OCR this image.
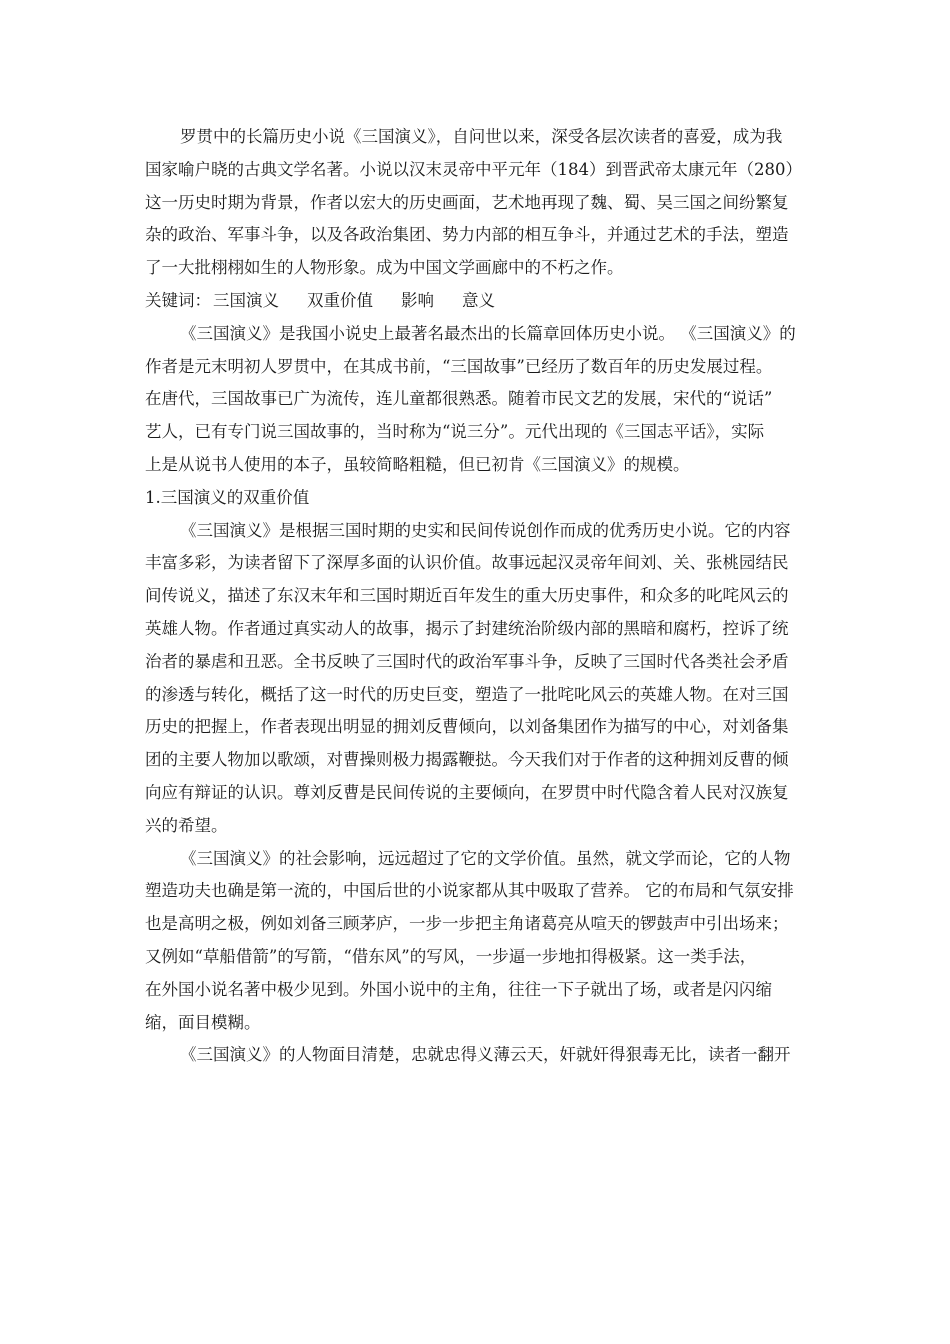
罗贯中的长篇历史小说《三国演义》，自问世以来，深受各层次读者的喜爱，成为我
国家喻户晓的古典文学名著。小说以汉末灵帝中平元年（184）到晋武帝太康元年（280）
这一历史时期为背景，作者以宏大的历史画面，艺术地再现了魏、蜀、吴三国之间纷繁复
杂的政治、军事斗争，以及各政治集团、势力内部的相互争斗，并通过艺术的手法，塑造
了一大批栩栩如生的人物形象。成为中国文学画廊中的不朽之作。
关键词： 三国演义 双重价值 影响 意义
《三国演义》是我国小说史上最著名最杰出的长篇章回体历史小说。 《三国演义》的
作者是元末明初人罗贯中，在其成书前，“三国故事”已经历了数百年的历史发展过程。
在唐代，三国故事已广为流传，连儿童都很熟悉。随着市民文艺的发展，宋代的“说话”
艺人，已有专门说三国故事的，当时称为“说三分”。元代出现的《三国志平话》，实际
上是从说书人使用的本子，虽较简略粗糙，但已初肯《三国演义》的规模。
1.三国演义的双重价值
《三国演义》是根据三国时期的史实和民间传说创作而成的优秀历史小说。它的内容
丰富多彩，为读者留下了深厚多面的认识价值。故事远起汉灵帝年间刘、关、张桃园结民
间传说义，描述了东汉末年和三国时期近百年发生的重大历史事件，和众多的叱咤风云的
英雄人物。作者通过真实动人的故事，揭示了封建统治阶级内部的黑暗和腐朽，控诉了统
治者的暴虐和丑恶。全书反映了三国时代的政治军事斗争，反映了三国时代各类社会矛盾
的渗透与转化，概括了这一时代的历史巨变，塑造了一批咤叱风云的英雄人物。在对三国
历史的把握上，作者表现出明显的拥刘反曹倾向，以刘备集团作为描写的中心，对刘备集
团的主要人物加以歌颂，对曹操则极力揭露鞭挞。今天我们对于作者的这种拥刘反曹的倾
向应有辩证的认识。尊刘反曹是民间传说的主要倾向，在罗贯中时代隐含着人民对汉族复
兴的希望。
《三国演义》的社会影响，远远超过了它的文学价值。虽然，就文学而论，它的人物
塑造功夫也确是第一流的，中国后世的小说家都从其中吸取了营养。 它的布局和气氛安排
也是高明之极，例如刘备三顾茅庐，一步一步把主角诸葛亮从喧天的锣鼓声中引出场来；
又例如“草船借箭”的写箭，“借东风”的写风，一步逼一步地扣得极紧。这一类手法，
在外国小说名著中极少见到。外国小说中的主角，往往一下子就出了场，或者是闪闪缩
缩，面目模糊。
《三国演义》的人物面目清楚，忠就忠得义薄云天，奸就奸得狠毒无比，读者一翻开
